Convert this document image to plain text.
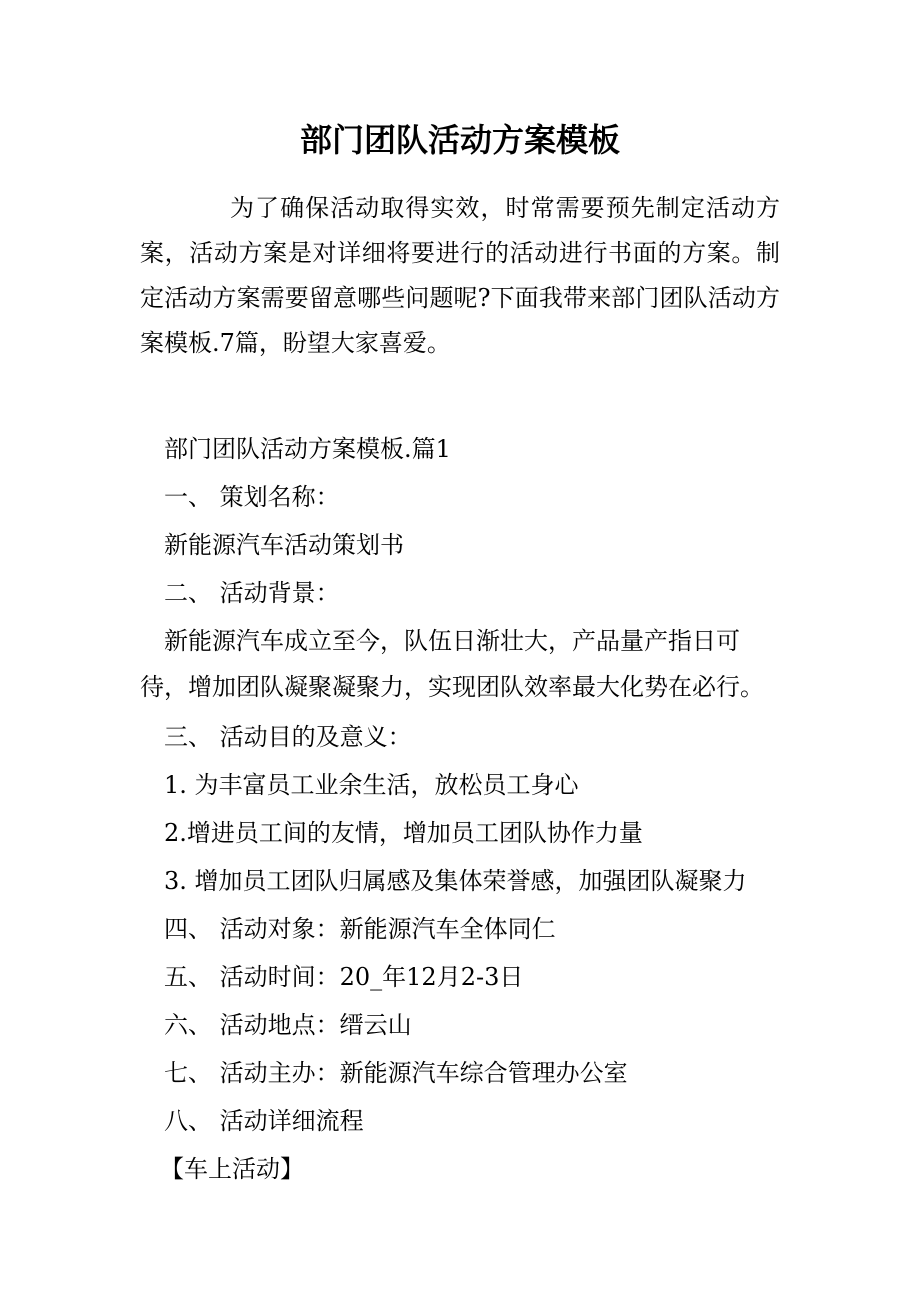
部门团队活动方案模板

为了确保活动取得实效，时常需要预先制定活动方案，活动方案是对详细将要进行的活动进行书面的方案。制定活动方案需要留意哪些问题呢?下面我带来部门团队活动方案模板.7篇，盼望大家喜爱。

部门团队活动方案模板.篇1

一、 策划名称：

新能源汽车活动策划书

二、 活动背景：

新能源汽车成立至今，队伍日渐壮大，产品量产指日可待，增加团队凝聚凝聚力，实现团队效率最大化势在必行。

三、 活动目的及意义：

1. 为丰富员工业余生活，放松员工身心

2.增进员工间的友情，增加员工团队协作力量

3. 增加员工团队归属感及集体荣誉感，加强团队凝聚力

四、 活动对象：新能源汽车全体同仁

五、 活动时间：20_年12月2-3日

六、 活动地点：缙云山

七、 活动主办：新能源汽车综合管理办公室

八、 活动详细流程

【车上活动】
